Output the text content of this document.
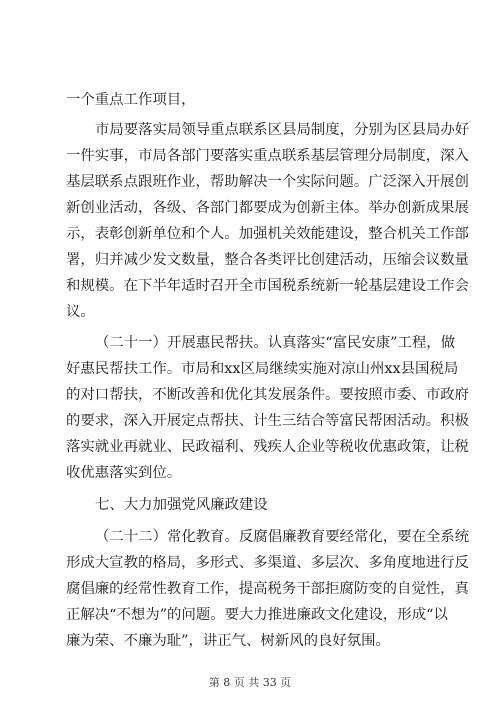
一个重点工作项目，
市局要落实局领导重点联系区县局制度，分别为区县局办好
一件实事，市局各部门要落实重点联系基层管理分局制度，深入
基层联系点跟班作业，帮助解决一个实际问题。广泛深入开展创
新创业活动，各级、各部门都要成为创新主体。举办创新成果展
示，表彰创新单位和个人。加强机关效能建设，整合机关工作部
署，归并减少发文数量，整合各类评比创建活动，压缩会议数量
和规模。在下半年适时召开全市国税系统新一轮基层建设工作会
议。
（二十一）开展惠民帮扶。认真落实“富民安康”工程，做
好惠民帮扶工作。市局和xx区局继续实施对凉山州xx县国税局
的对口帮扶，不断改善和优化其发展条件。要按照市委、市政府
的要求，深入开展定点帮扶、计生三结合等富民帮困活动。积极
落实就业再就业、民政福利、残疾人企业等税收优惠政策，让税
收优惠落实到位。
七、大力加强党风廉政建设
（二十二）常化教育。反腐倡廉教育要经常化，要在全系统
形成大宣教的格局，多形式、多渠道、多层次、多角度地进行反
腐倡廉的经常性教育工作，提高税务干部拒腐防变的自觉性，真
正解决“不想为”的问题。要大力推进廉政文化建设，形成“以
廉为荣、不廉为耻”，讲正气、树新风的良好氛围。
第 8 页 共 33 页
